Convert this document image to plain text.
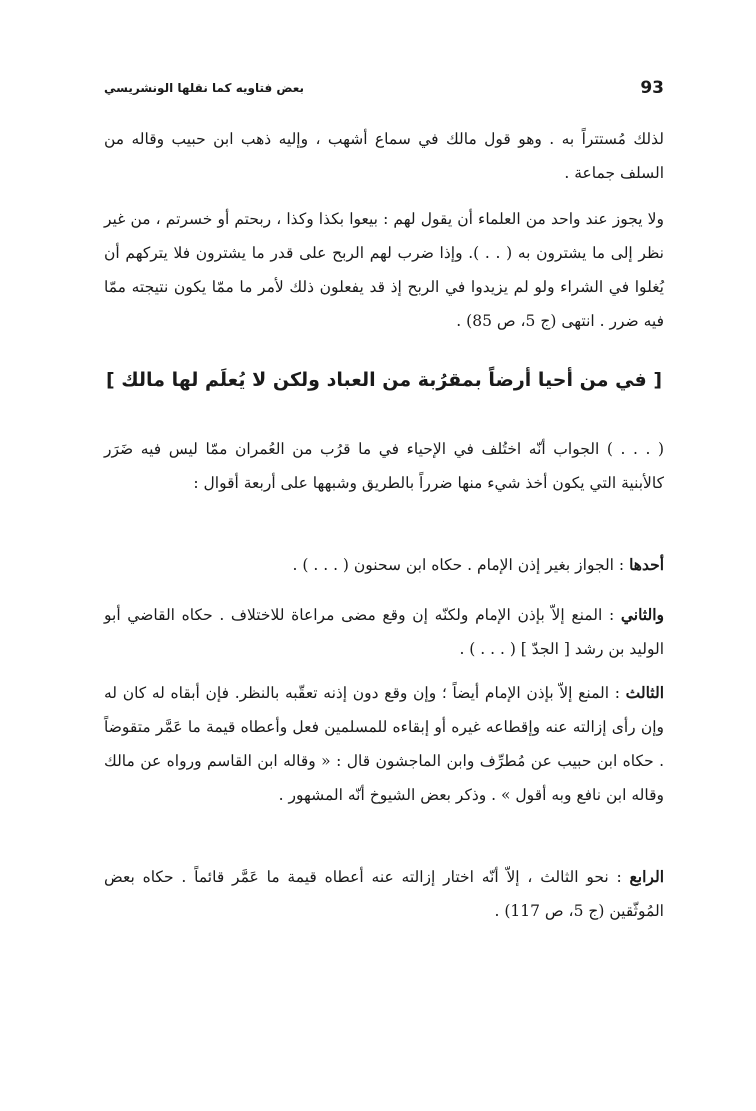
93
بعض فتاويه كما نقلها الونشريسي
لذلك مُستتراً به . وهو قول مالك في سماع أشهب ، وإليه ذهب ابن حبيب وقاله من السلف جماعة .
ولا يجوز عند واحد من العلماء أن يقول لهم : بيعوا بكذا وكذا ، ربحتم أو خسرتم ، من غير نظر إلى ما يشترون به ( . . ). وإذا ضرب لهم الربح على قدر ما يشترون فلا يتركهم أن يُغلوا في الشراء ولو لم يزيدوا في الربح إذ قد يفعلون ذلك لأمر ما ممّا يكون نتيجته ممّا فيه ضرر . انتهى (ج 5، ص 85) .
[ في من أحيا أرضاً بمقرُبة من العباد ولكن لا يُعلَم لها مالك ]
( . . . ) الجواب أنّه اختُلف في الإحياء في ما قرُب من العُمران ممّا ليس فيه ضَرَر كالأبنية التي يكون أخذ شيء منها ضرراً بالطريق وشبهها على أربعة أقوال :
أحدها : الجواز بغير إذن الإمام . حكاه ابن سحنون ( . . . ) .
والثاني : المنع إلاّ بإذن الإمام ولكنّه إن وقع مضى مراعاة للاختلاف . حكاه القاضي أبو الوليد بن رشد [ الجدّ ] ( . . . ) .
الثالث : المنع إلاّ بإذن الإمام أيضاً ؛ وإن وقع دون إذنه تعقّبه بالنظر. فإن أبقاه له كان له وإن رأى إزالته عنه وإقطاعه غيره أو إبقاءه للمسلمين فعل وأعطاه قيمة ما عَمَّر متقوضاً . حكاه ابن حبيب عن مُطرِّف وابن الماجشون قال : « وقاله ابن القاسم ورواه عن مالك وقاله ابن نافع وبه أقول » . وذكر بعض الشيوخ أنّه المشهور .
الرابع : نحو الثالث ، إلاّ أنّه اختار إزالته عنه أعطاه قيمة ما عَمَّر قائماً . حكاه بعض المُوثّقين (ج 5، ص 117) .
